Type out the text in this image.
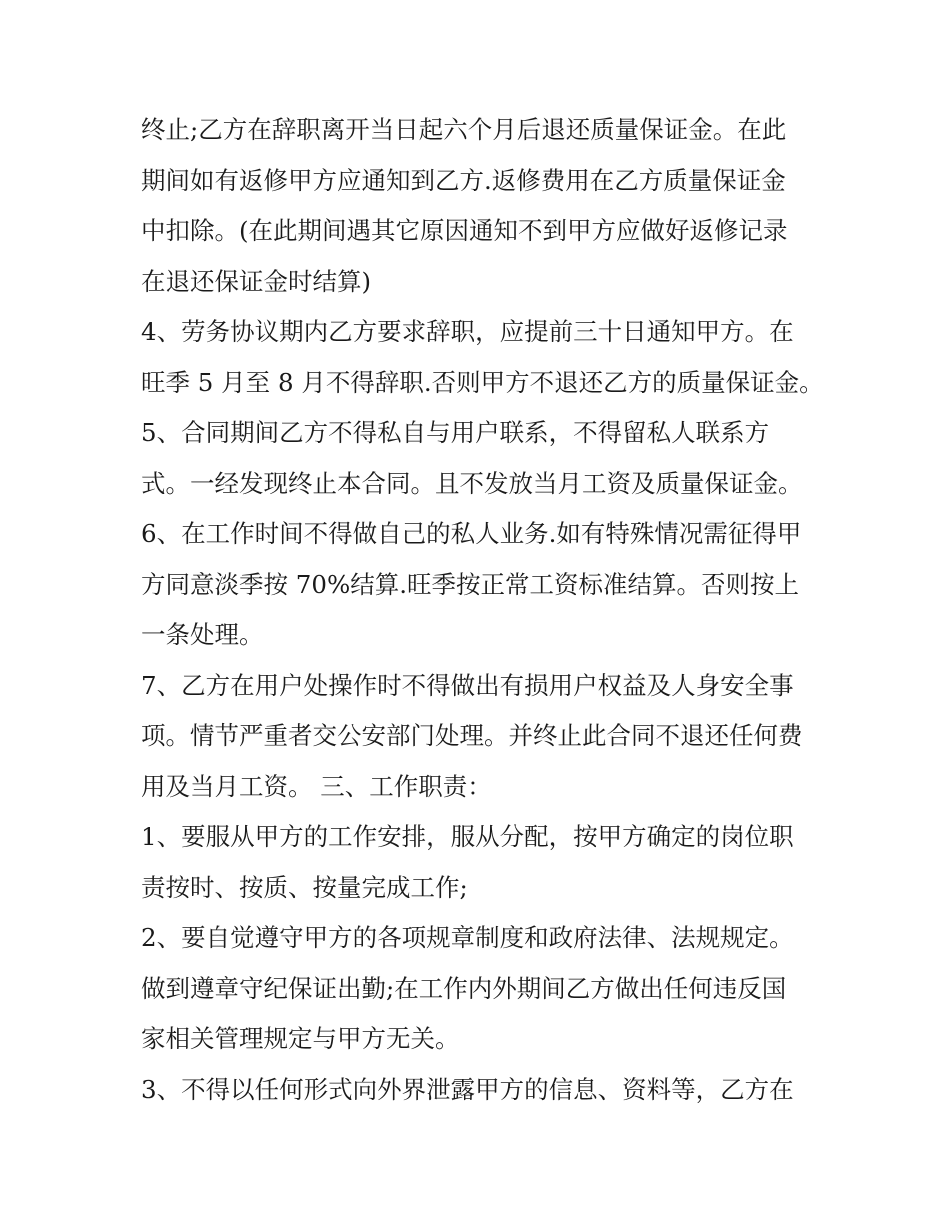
终止;乙方在辞职离开当日起六个月后退还质量保证金。在此
期间如有返修甲方应通知到乙方.返修费用在乙方质量保证金
中扣除。(在此期间遇其它原因通知不到甲方应做好返修记录
在退还保证金时结算)
4、劳务协议期内乙方要求辞职，应提前三十日通知甲方。在
旺季 5 月至 8 月不得辞职.否则甲方不退还乙方的质量保证金。
5、合同期间乙方不得私自与用户联系，不得留私人联系方
式。一经发现终止本合同。且不发放当月工资及质量保证金。
6、在工作时间不得做自己的私人业务.如有特殊情况需征得甲
方同意淡季按 70%结算.旺季按正常工资标准结算。否则按上
一条处理。
7、乙方在用户处操作时不得做出有损用户权益及人身安全事
项。情节严重者交公安部门处理。并终止此合同不退还任何费
用及当月工资。 三、工作职责：
1、要服从甲方的工作安排，服从分配，按甲方确定的岗位职
责按时、按质、按量完成工作;
2、要自觉遵守甲方的各项规章制度和政府法律、法规规定。
做到遵章守纪保证出勤;在工作内外期间乙方做出任何违反国
家相关管理规定与甲方无关。
3、不得以任何形式向外界泄露甲方的信息、资料等，乙方在
